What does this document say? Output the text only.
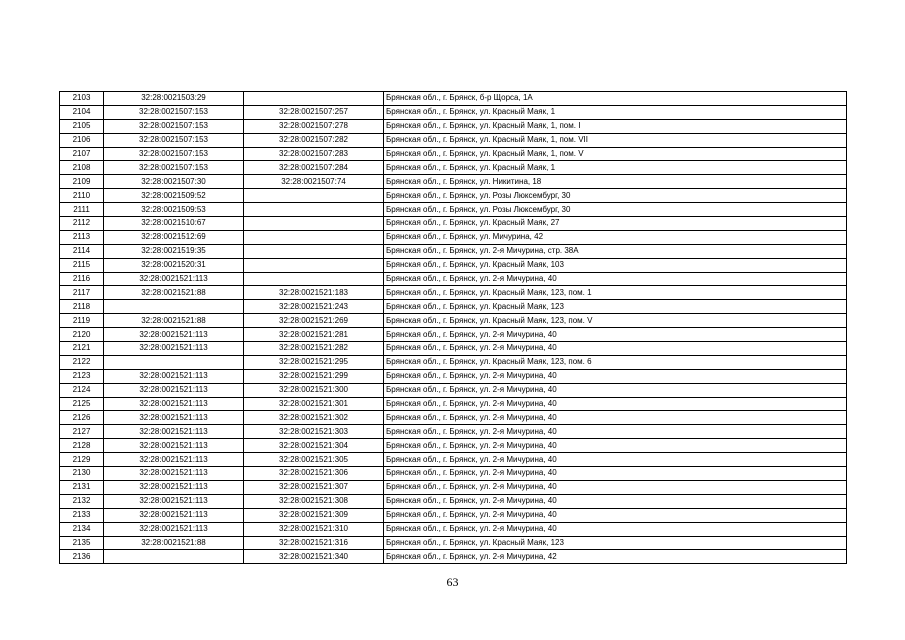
2103	32:28:0021503:29		Брянская обл., г. Брянск, б-р Щорса, 1А
2104	32:28:0021507:153	32:28:0021507:257	Брянская обл., г. Брянск, ул. Красный Маяк, 1
2105	32:28:0021507:153	32:28:0021507:278	Брянская обл., г. Брянск, ул. Красный Маяк, 1, пом. I
2106	32:28:0021507:153	32:28:0021507:282	Брянская обл., г. Брянск, ул. Красный Маяк, 1, пом. VII
2107	32:28:0021507:153	32:28:0021507:283	Брянская обл., г. Брянск, ул. Красный Маяк, 1, пом. V
2108	32:28:0021507:153	32:28:0021507:284	Брянская обл., г. Брянск, ул. Красный Маяк, 1
2109	32:28:0021507:30	32:28:0021507:74	Брянская обл., г. Брянск, ул. Никитина, 18
2110	32:28:0021509:52		Брянская обл., г. Брянск, ул. Розы Люксембург, 30
2111	32:28:0021509:53		Брянская обл., г. Брянск, ул. Розы Люксембург, 30
2112	32:28:0021510:67		Брянская обл., г. Брянск, ул. Красный Маяк, 27
2113	32:28:0021512:69		Брянская обл., г. Брянск, ул. Мичурина, 42
2114	32:28:0021519:35		Брянская обл., г. Брянск, ул. 2-я Мичурина, стр. 38А
2115	32:28:0021520:31		Брянская обл., г. Брянск, ул. Красный Маяк, 103
2116	32:28:0021521:113		Брянская обл., г. Брянск, ул. 2-я Мичурина, 40
2117	32:28:0021521:88	32:28:0021521:183	Брянская обл., г. Брянск, ул. Красный Маяк, 123, пом. 1
2118		32:28:0021521:243	Брянская обл., г. Брянск, ул. Красный Маяк, 123
2119	32:28:0021521:88	32:28:0021521:269	Брянская обл., г. Брянск, ул. Красный Маяк, 123, пом. V
2120	32:28:0021521:113	32:28:0021521:281	Брянская обл., г. Брянск, ул. 2-я Мичурина, 40
2121	32:28:0021521:113	32:28:0021521:282	Брянская обл., г. Брянск, ул. 2-я Мичурина, 40
2122		32:28:0021521:295	Брянская обл., г. Брянск, ул. Красный Маяк, 123, пом. 6
2123	32:28:0021521:113	32:28:0021521:299	Брянская обл., г. Брянск, ул. 2-я Мичурина, 40
2124	32:28:0021521:113	32:28:0021521:300	Брянская обл., г. Брянск, ул. 2-я Мичурина, 40
2125	32:28:0021521:113	32:28:0021521:301	Брянская обл., г. Брянск, ул. 2-я Мичурина, 40
2126	32:28:0021521:113	32:28:0021521:302	Брянская обл., г. Брянск, ул. 2-я Мичурина, 40
2127	32:28:0021521:113	32:28:0021521:303	Брянская обл., г. Брянск, ул. 2-я Мичурина, 40
2128	32:28:0021521:113	32:28:0021521:304	Брянская обл., г. Брянск, ул. 2-я Мичурина, 40
2129	32:28:0021521:113	32:28:0021521:305	Брянская обл., г. Брянск, ул. 2-я Мичурина, 40
2130	32:28:0021521:113	32:28:0021521:306	Брянская обл., г. Брянск, ул. 2-я Мичурина, 40
2131	32:28:0021521:113	32:28:0021521:307	Брянская обл., г. Брянск, ул. 2-я Мичурина, 40
2132	32:28:0021521:113	32:28:0021521:308	Брянская обл., г. Брянск, ул. 2-я Мичурина, 40
2133	32:28:0021521:113	32:28:0021521:309	Брянская обл., г. Брянск, ул. 2-я Мичурина, 40
2134	32:28:0021521:113	32:28:0021521:310	Брянская обл., г. Брянск, ул. 2-я Мичурина, 40
2135	32:28:0021521:88	32:28:0021521:316	Брянская обл., г. Брянск, ул. Красный Маяк, 123
2136		32:28:0021521:340	Брянская обл., г. Брянск, ул. 2-я Мичурина, 42
63
